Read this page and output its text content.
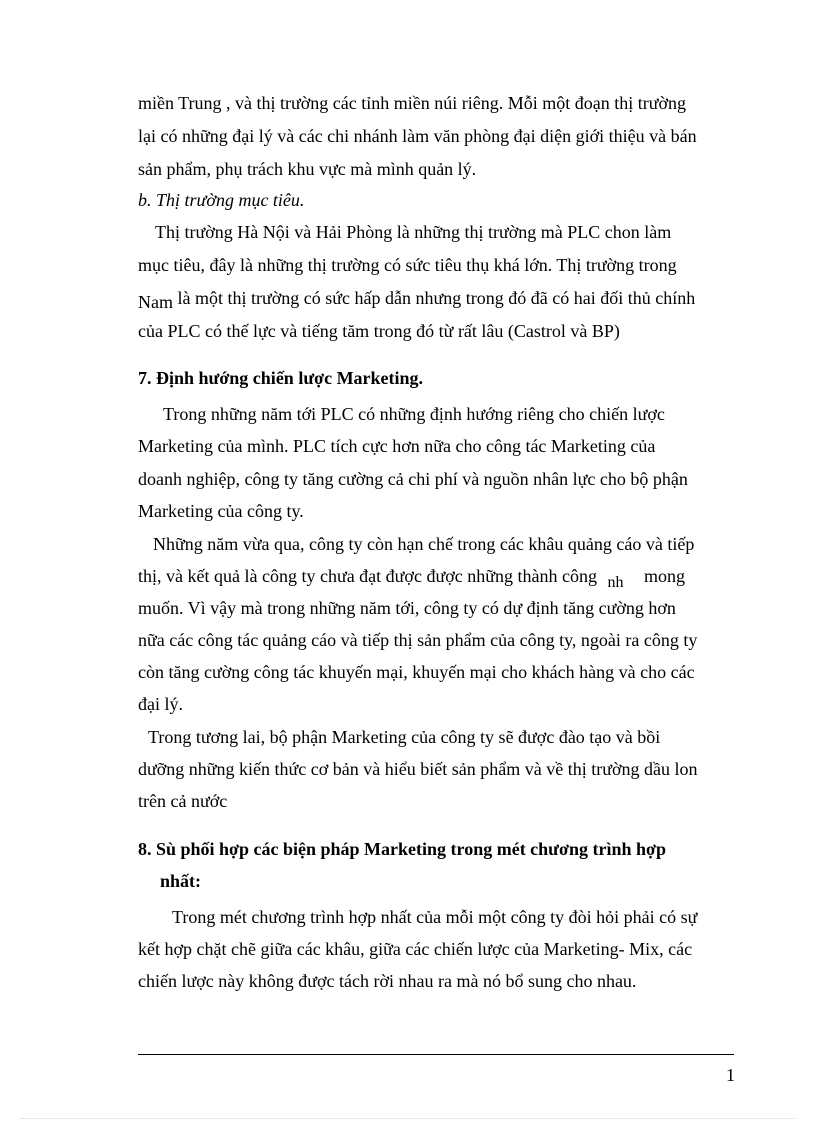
miền Trung , và thị trường các tỉnh miền núi riêng. Mỗi một đoạn thị trường
lại có những đại lý và các chi nhánh làm văn phòng đại diện giới thiệu và bán
sản phẩm, phụ trách khu vực mà mình quản lý.
b. Thị trường mục tiêu.
Thị trường Hà Nội và Hải Phòng là những thị trường mà PLC chon làm
mục tiêu, đây là những thị trường có sức tiêu thụ khá lớn. Thị trường trong
Nam là một thị trường có sức hấp dẫn nhưng trong đó đã có hai đối thủ chính
của PLC có thế lực và tiếng tăm trong đó từ rất lâu (Castrol và BP)
7. Định hướng chiến lược Marketing.
Trong những năm tới PLC có những định hướng riêng cho chiến lược
Marketing của mình. PLC tích cực hơn nữa cho công tác Marketing của
doanh nghiệp, công ty tăng cường cả chi phí và nguồn nhân lực cho bộ phận
Marketing của công ty.
Những năm vừa qua, công ty còn hạn chế trong các khâu quảng cáo và tiếp
thị, và kết quả là công ty chưa đạt được được những thành công nh mong
muốn. Vì vậy mà trong những năm tới, công ty có dự định tăng cường hơn
nữa các công tác quảng cáo và tiếp thị sản phẩm của công ty, ngoài ra công ty
còn tăng cường công tác khuyến mại, khuyến mại cho khách hàng và cho các
đại lý.
Trong tương lai, bộ phận Marketing của công ty sẽ được đào tạo và bồi
dưỡng những kiến thức cơ bản và hiểu biết sản phẩm và về thị trường dầu lon
trên cả nước
8. Sù phối hợp các biện pháp Marketing trong mét chương trình hợp
nhất:
Trong mét chương trình hợp nhất của mỗi một công ty đòi hỏi phải có sự
kết hợp chặt chẽ giữa các khâu, giữa các chiến lược của Marketing- Mix, các
chiến lược này không được tách rời nhau ra mà nó bổ sung cho nhau.
1
